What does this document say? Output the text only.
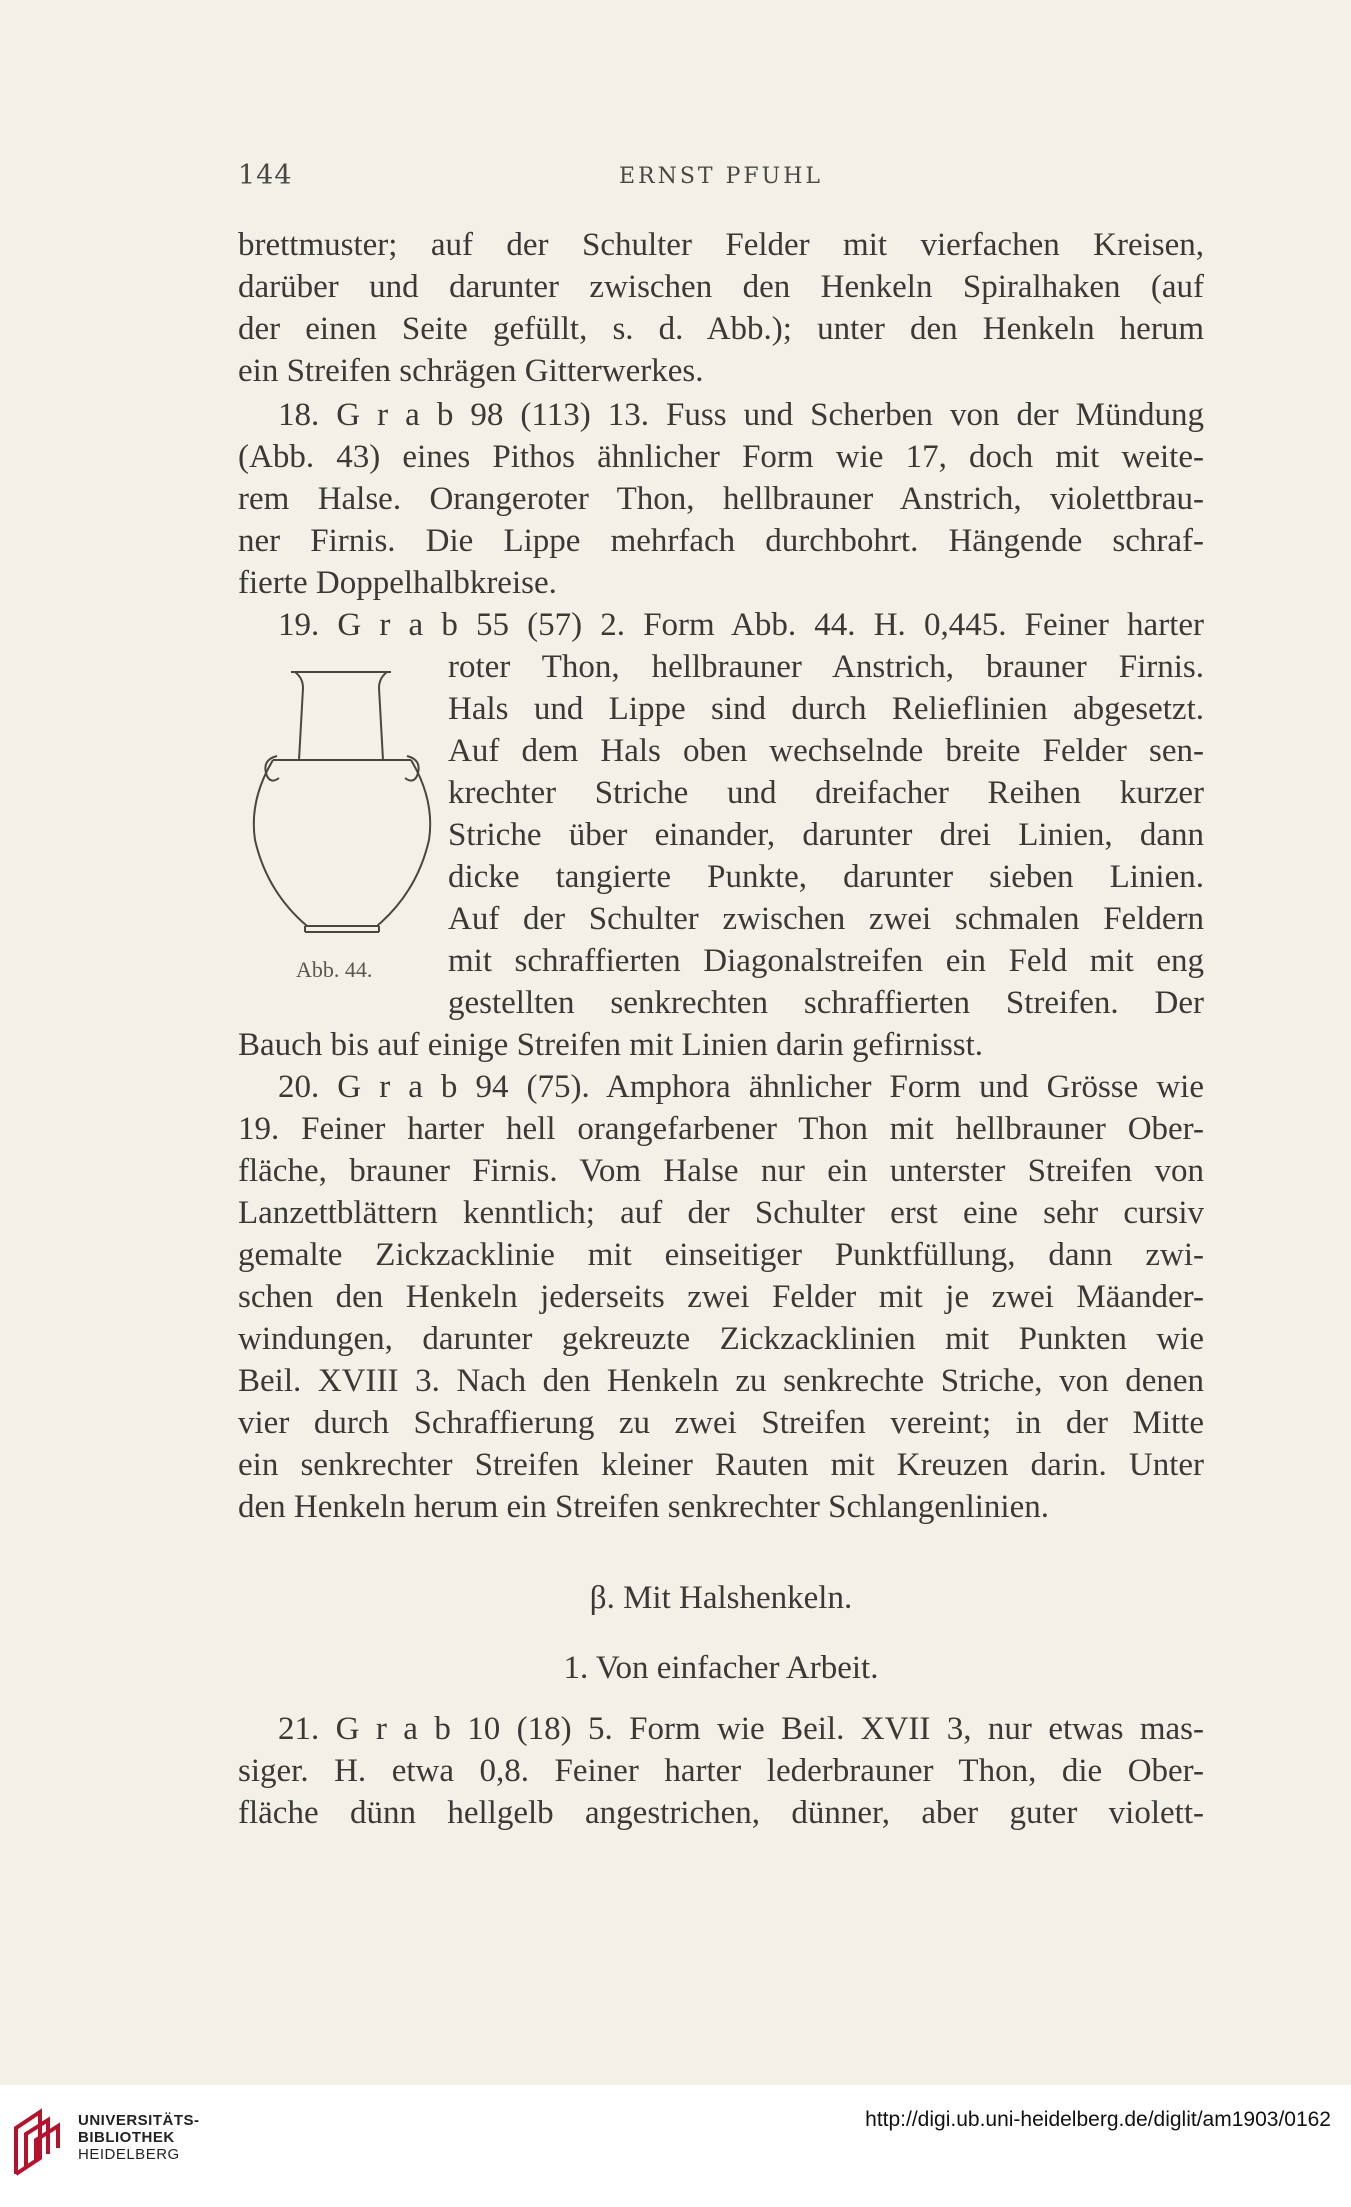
144	ERNST PFUHL
brettmuster; auf der Schulter Felder mit vierfachen Kreisen,
darüber und darunter zwischen den Henkeln Spiralhaken (auf
der einen Seite gefüllt, s. d. Abb.); unter den Henkeln herum
ein Streifen schrägen Gitterwerkes.
18. G r a b 98 (113) 13. Fuss und Scherben von der Mündung
(Abb. 43) eines Pithos ähnlicher Form wie 17, doch mit weite-
rem Halse. Orangeroter Thon, hellbrauner Anstrich, violettbrau-
ner Firnis. Die Lippe mehrfach durchbohrt. Hängende schraf-
fierte Doppelhalbkreise.
19. G r a b 55 (57) 2. Form Abb. 44. H. 0,445. Feiner harter
roter Thon, hellbrauner Anstrich, brauner Firnis.
Hals und Lippe sind durch Relieflinien abgesetzt.
Auf dem Hals oben wechselnde breite Felder sen-
krechter Striche und dreifacher Reihen kurzer
Striche über einander, darunter drei Linien, dann
dicke tangierte Punkte, darunter sieben Linien.
Auf der Schulter zwischen zwei schmalen Feldern
mit schraffierten Diagonalstreifen ein Feld mit eng
gestellten senkrechten schraffierten Streifen. Der
Bauch bis auf einige Streifen mit Linien darin gefirnisst.
Abb. 44.
20. G r a b 94 (75). Amphora ähnlicher Form und Grösse wie
19. Feiner harter hell orangefarbener Thon mit hellbrauner Ober-
fläche, brauner Firnis. Vom Halse nur ein unterster Streifen von
Lanzettblättern kenntlich; auf der Schulter erst eine sehr cursiv
gemalte Zickzacklinie mit einseitiger Punktfüllung, dann zwi-
schen den Henkeln jederseits zwei Felder mit je zwei Mäander-
windungen, darunter gekreuzte Zickzacklinien mit Punkten wie
Beil. XVIII 3. Nach den Henkeln zu senkrechte Striche, von denen
vier durch Schraffierung zu zwei Streifen vereint; in der Mitte
ein senkrechter Streifen kleiner Rauten mit Kreuzen darin. Unter
den Henkeln herum ein Streifen senkrechter Schlangenlinien.
β. Mit Halshenkeln.
1. Von einfacher Arbeit.
21. G r a b 10 (18) 5. Form wie Beil. XVII 3, nur etwas mas-
siger. H. etwa 0,8. Feiner harter lederbrauner Thon, die Ober-
fläche dünn hellgelb angestrichen, dünner, aber guter violett-
UNIVERSITÄTS-
BIBLIOTHEK
HEIDELBERG
http://digi.ub.uni-heidelberg.de/diglit/am1903/0162
